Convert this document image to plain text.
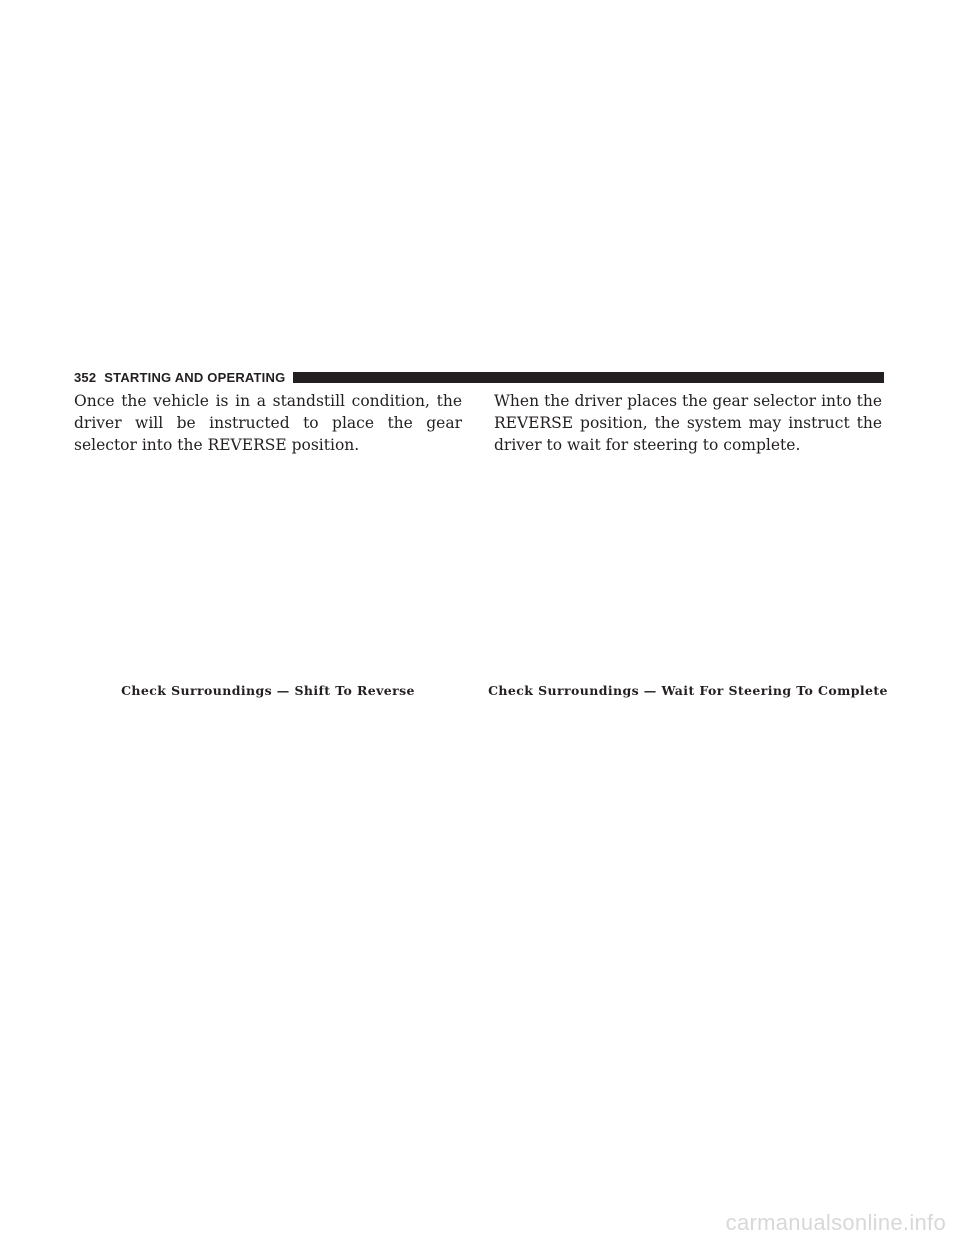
352 STARTING AND OPERATING

Once the vehicle is in a standstill condition, the driver will be instructed to place the gear selector into the REVERSE position.

When the driver places the gear selector into the REVERSE position, the system may instruct the driver to wait for steering to complete.

Check Surroundings — Shift To Reverse	Check Surroundings — Wait For Steering To Complete
carmanualsonline.info
